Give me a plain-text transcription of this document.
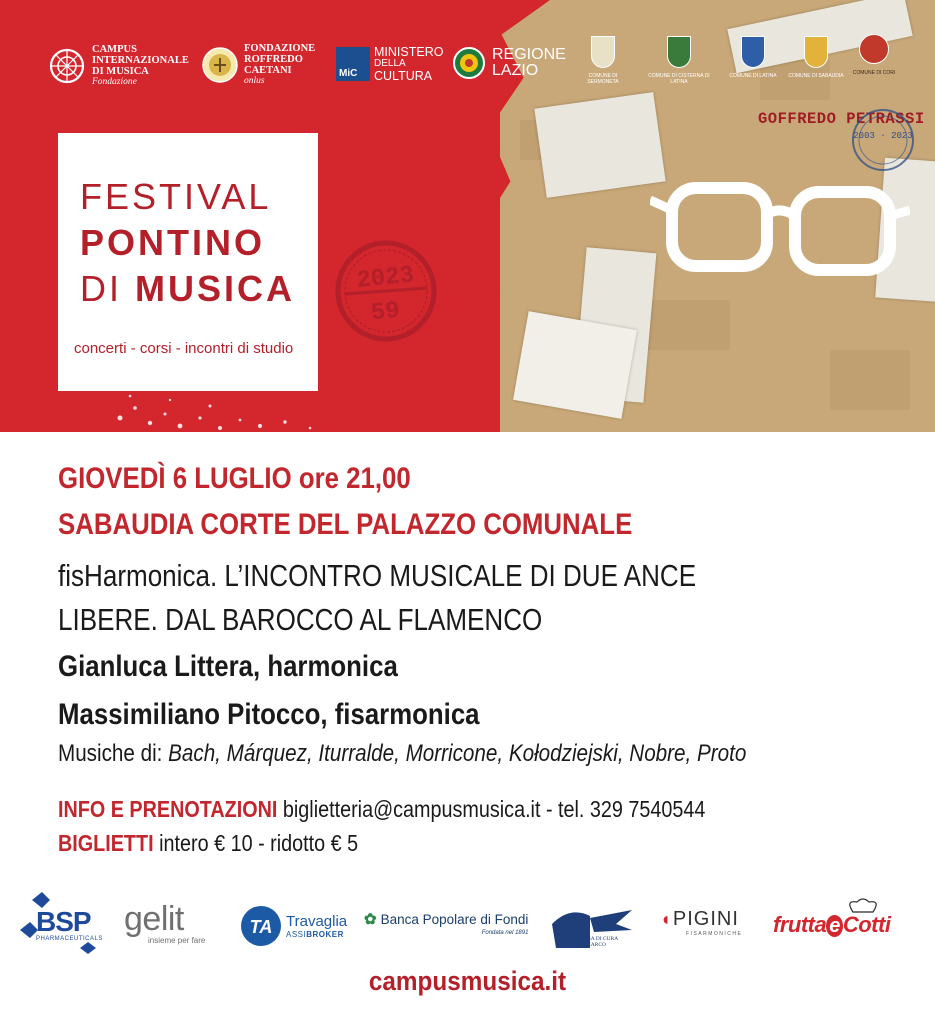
CAMPUS
INTERNAZIONALE
DI MUSICA
Fondazione
FONDAZIONE
ROFFREDO
CAETANI
onlus
MiC
MINISTERO
DELLA
CULTURA
REGIONE
LAZIO	COMUNE DI SERMONETA
COMUNE DI CISTERNA DI LATINA
COMUNE DI LATINA	COMUNE DI SABAUDIA	COMUNE DI CORI
GOFFREDO PETRASSI
2003 · 2023
FESTIVAL
PONTINO
DI MUSICA
concerti - corsi - incontri di studio
2023
59
GIOVEDÌ 6 LUGLIO ore 21,00
SABAUDIA CORTE DEL PALAZZO COMUNALE
fisHarmonica. L’INCONTRO MUSICALE DI DUE ANCE
LIBERE. DAL BAROCCO AL FLAMENCO
Gianluca Littera, harmonica
Massimiliano Pitocco, fisarmonica
Musiche di: Bach, Márquez, Iturralde, Morricone, Kołodziejski, Nobre, Proto
INFO E PRENOTAZIONI biglietteria@campusmusica.it - tel. 329 7540544
BIGLIETTI intero € 10 - ridotto € 5
BSP
PHARMACEUTICALS
gelit
insieme per fare
TA Travaglia
ASSIBROKER
✿ Banca Popolare di Fondi
Fondata nel 1891
CASA DI CURA
S. MARCO
◖ PIGINI
FISARMONICHE frutta e Cotti
campusmusica.it
